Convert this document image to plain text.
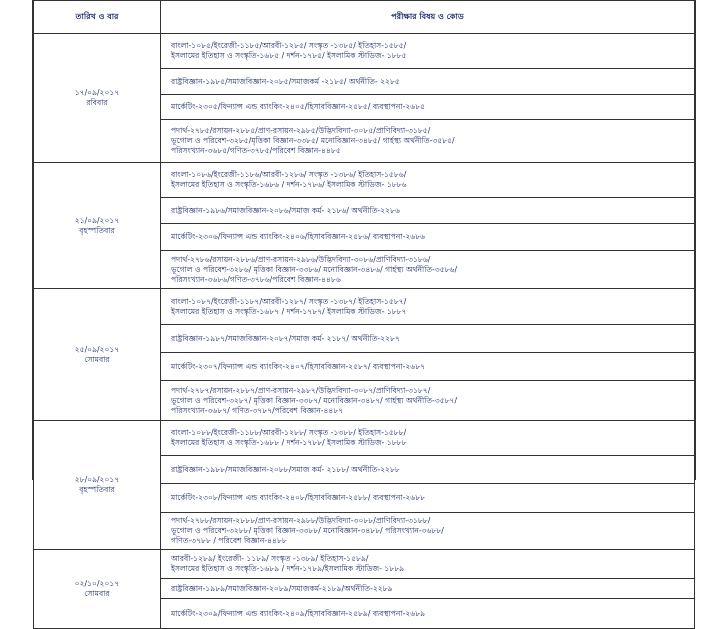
তারিখ ও বার	পরীক্ষার বিষয় ও কোড

১৭/০৯/২০১৭
রবিবার	বাংলা-১০৮৫/ইংরেজী-১১৮৫/আরবী-১২৮৫/ সংস্কৃত -১৩৮৫/ ইতিহাস-১৫৮৫/
ইসলামের ইতিহাস ও সংস্কৃতি-১৬৮৫ / দর্শন-১৭৮৫/ ইসলামিক স্টাডিজ- ১৮৮৫

	রাষ্ট্রবিজ্ঞান-১৯৮৫/সমাজবিজ্ঞান-২০৮৫/সমাজকর্ম -২১৮৫/ অর্থনীতি- ২২৮৫

	মার্কেটিং-২৩০৫/ফিন্যান্স এন্ড ব্যাংকিং-২৪০৫/হিসাববিজ্ঞান-২৫৮৫/ ব্যবস্থাপনা-২৬৮৫

	পদার্থ-২৭৮৫/রসায়ন-২৮৮৫/প্রাণ-রসায়ন-২৯৮৫/উদ্ভিদবিদ্যা-৩০৮৫/প্রাণিবিদ্যা-৩১৮৫/
ভূগোল ও পরিবেশ-৩২৮৫/মৃত্তিকা বিজ্ঞান-৩৩৮৫/ মনোবিজ্ঞান-৩৪৮৫/ গার্হস্থ্য অর্থনীতি-৩৫৮৫/
পরিসংখ্যান-৩৬৮৫/গণিত-৩৭৮৫/পরিবেশ বিজ্ঞান-৪৪৮৫

২১/০৯/২০১৭
বৃহস্পতিবার	বাংলা-১০৮৬/ইংরেজী-১১৮৬/আরবী-১২৮৬/ সংস্কৃত -১৩৮৬/ ইতিহাস-১৫৮৬/
ইসলামের ইতিহাস ও সংস্কৃতি-১৬৮৬ / দর্শন-১৭৮৬/ ইসলামিক স্টাডিজ- ১৮৮৬

	রাষ্ট্রবিজ্ঞান-১৯৮৬/সমাজবিজ্ঞান-২০৮৬/সমাজ কর্ম- ২১৮৬/ অর্থনীতি-২২৮৬

	মার্কেটিং-২৩০৬/ফিন্যান্স এন্ড ব্যাংকিং-২৪০৬/হিসাববিজ্ঞান-২৫৮৬/ ব্যবস্থাপনা-২৬৮৬

	পদার্থ-২৭৮৬/রসায়ন-২৮৮৬/প্রাণ-রসায়ন-২৯৮৬/উদ্ভিদবিদ্যা-৩০৮৬/প্রাণিবিদ্যা-৩১৮৬/
ভূগোল ও পরিবেশ-৩২৮৬/ মৃত্তিকা বিজ্ঞান-৩৩৮৬/ মনোবিজ্ঞান-৩৪৮৬/ গার্হস্থ্য অর্থনীতি-৩৫৮৬/
পরিসংখ্যান-৩৬৮৬/গণিত-৩৭৮৬/পরিবেশ বিজ্ঞান-৪৪৮৬

২৫/০৯/২০১৭
সোমবার	বাংলা-১০৮৭/ইংরেজী-১১৮৭/আরবী-১২৮৭/ সংস্কৃত -১৩৮৭/ ইতিহাস-১৫৮৭/
ইসলামের ইতিহাস ও সংস্কৃতি-১৬৮৭ / দর্শন-১৭৮৭/ ইসলামিক স্টাডিজ- ১৮৮৭

	রাষ্ট্রবিজ্ঞান-১৯৮৭/সমাজবিজ্ঞান-২০৮৭/সমাজ কর্ম- ২১৮৭/ অর্থনীতি-২২৮৭

	মার্কেটিং-২৩০৭/ফিন্যান্স এন্ড ব্যাংকিং-২৪০৭/হিসাববিজ্ঞান-২৫৮৭/ ব্যবস্থাপনা-২৬৮৭

	পদার্থ-২৭৮৭/রসায়ন-২৮৮৭/প্রাণ-রসায়ন-২৯৮৭/উদ্ভিদবিদ্যা-৩০৮৭/প্রাণিবিদ্যা-৩১৮৭/
ভূগোল ও পরিবেশ-৩২৮৭/ মৃত্তিকা বিজ্ঞান-৩৩৮৭/ মনোবিজ্ঞান-৩৪৮৭/ গার্হস্থ্য অর্থনীতি-৩৫৮৭/
পরিসংখ্যান-৩৬৮৭/ গণিত-৩৭৮৭/পরিবেশ বিজ্ঞান-৪৪৮৭

২৮/০৯/২০১৭
বৃহস্পতিবার	বাংলা-১০৮৮/ইংরেজী-১১৮৮/আরবী-১২৮৮/ সংস্কৃত -১৩৮৮/ ইতিহাস-১৫৮৮/
ইসলামের ইতিহাস ও সংস্কৃতি-১৬৮৮ / দর্শন-১৭৮৮/ ইসলামিক স্টাডিজ- ১৮৮৮

	রাষ্ট্রবিজ্ঞান-১৯৮৮/সমাজবিজ্ঞান-২০৮৮/সমাজ কর্ম- ২১৮৮/ অর্থনীতি-২২৮৮

	মার্কেটিং-২৩০৮/ফিন্যান্স এন্ড ব্যাংকিং-২৪০৮/হিসাববিজ্ঞান-২৫৮৮/ ব্যবস্থাপনা-২৬৮৮

	পদার্থ-২৭৮৮/রসায়ন-২৮৮৮/প্রাণ-রসায়ন-২৯৮৮/উদ্ভিদবিদ্যা-৩০৮৮/প্রাণিবিদ্যা-৩১৮৮/
ভূগোল ও পরিবেশ-৩২৮৮/ মৃত্তিকা বিজ্ঞান-৩৩৮৮/ মনোবিজ্ঞান-৩৪৮৮/ পরিসংখ্যান-৩৬৮৮/
গণিত-৩৭৮৮ / পরিবেশ বিজ্ঞান-৪৪৮৮

০২/১০/২০১৭
সোমবার	আরবী-১২৮৯/ ইংরেজী- ১১৮৯/ সংস্কৃত -১৩৮৯/ ইতিহাস-১৫৮৯/
ইসলামের ইতিহাস ও সংস্কৃতি-১৬৮৯ / দর্শন-১৭৮৯/ইসলামিক স্টাডিজ- ১৮৮৯

	রাষ্ট্রবিজ্ঞান-১৯৮৯/সমাজবিজ্ঞান-২০৮৯/সমাজকর্ম-২১৮৯/অর্থনীতি-২২৮৯

	মার্কেটিং-২৩০৯/ফিন্যান্স এন্ড ব্যাংকিং-২৪০৯/হিসাববিজ্ঞান-২৫৮৯/ ব্যবস্থাপনা-২৬৮৯
